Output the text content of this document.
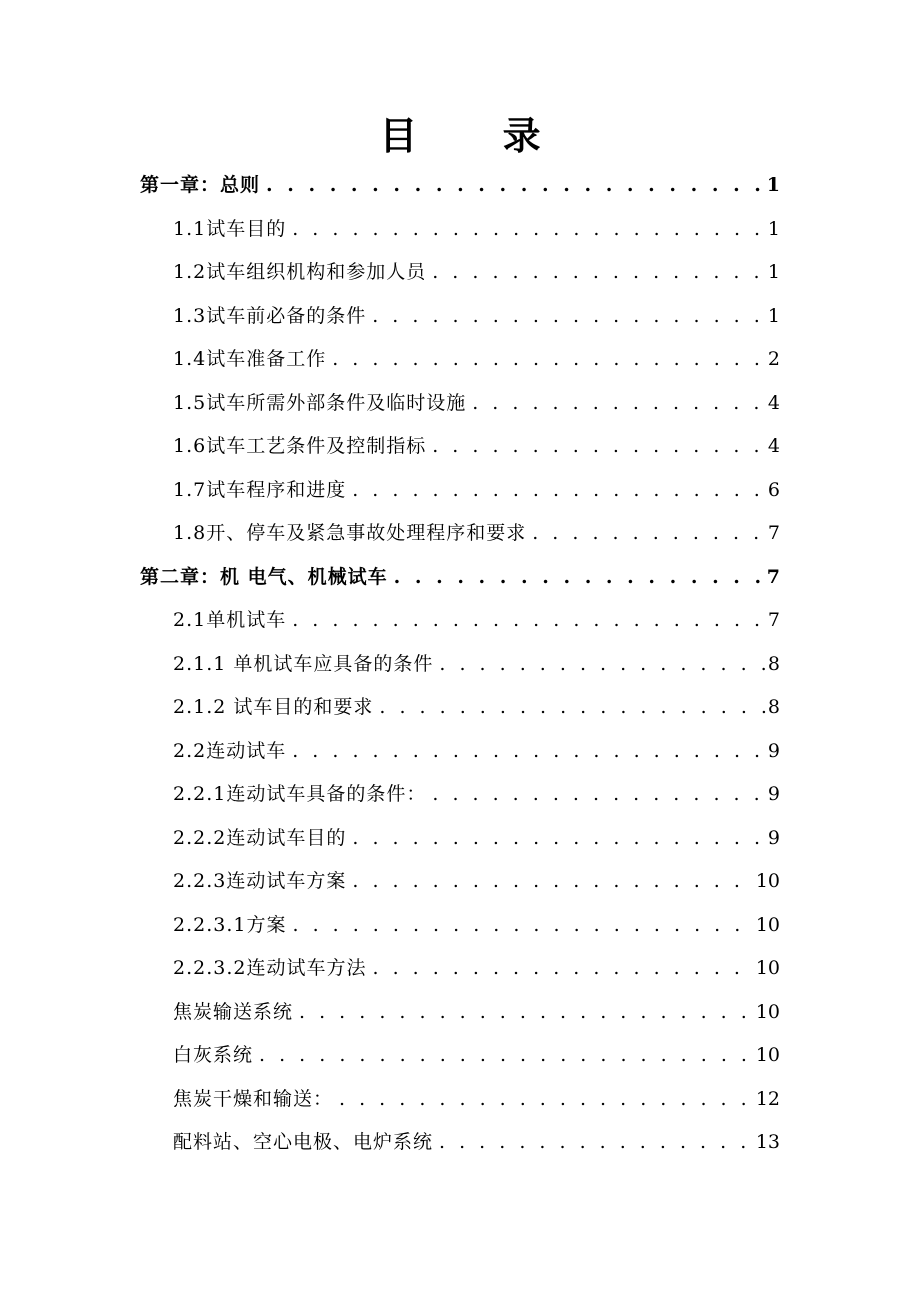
目 录
第一章：总则 . . .	1
1.1试车目的 . . .	1
1.2试车组织机构和参加人员 . . .	1
1.3试车前必备的条件 . . .	1
1.4试车准备工作 . . .	2
1.5试车所需外部条件及临时设施 . . .	4
1.6试车工艺条件及控制指标 . . .	4
1.7试车程序和进度 . . .	6
1.8开、停车及紧急事故处理程序和要求 . . .	7
第二章：机 电气、机械试车 . . .	7
2.1单机试车 . . .	7
2.1.1 单机试车应具备的条件 . . .	8
2.1.2 试车目的和要求 . . .	8
2.2连动试车 . . .	9
2.2.1连动试车具备的条件： . . .	9
2.2.2连动试车目的 . . .	9
2.2.3连动试车方案 . . .	10
2.2.3.1方案 . . .	10
2.2.3.2连动试车方法 . . .	10
焦炭输送系统 . . .	10
白灰系统 . . .	10
焦炭干燥和输送： . . .	12
配料站、空心电极、电炉系统 . . .	13
